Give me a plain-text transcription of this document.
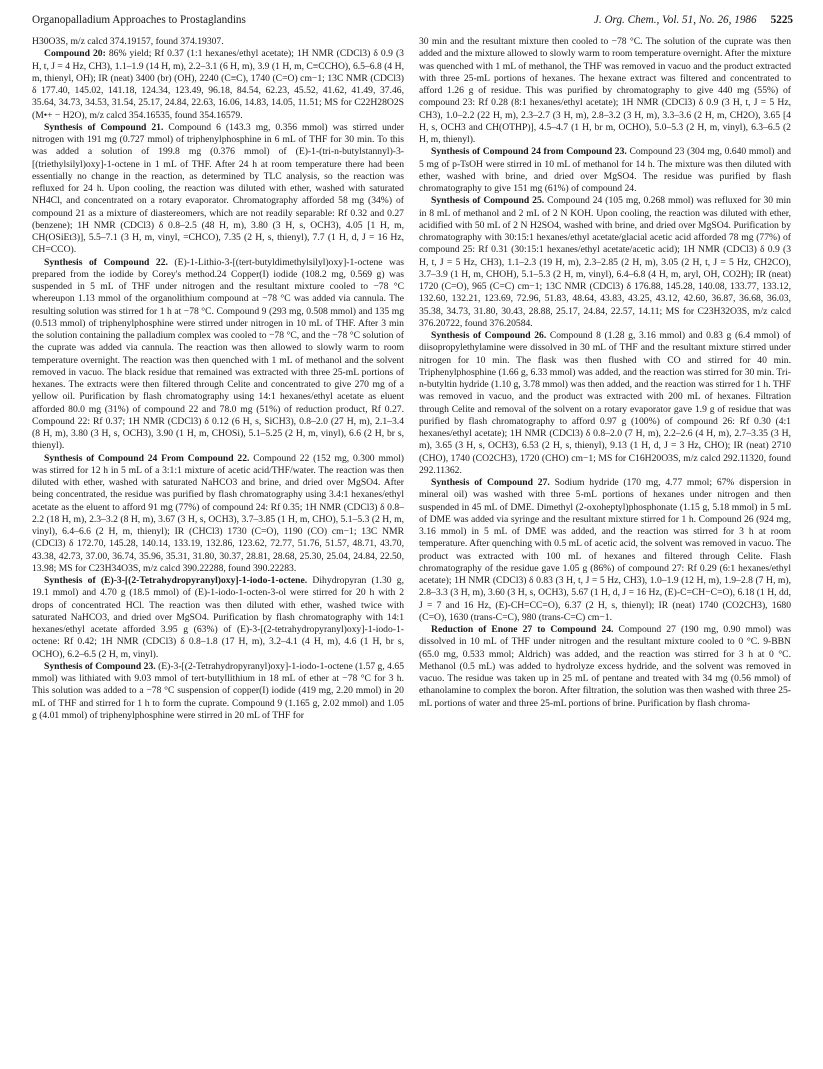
Organopalladium Approaches to Prostaglandins	J. Org. Chem., Vol. 51, No. 26, 1986 5225

H30O3S, m/z calcd 374.19157, found 374.19307.

Compound 20: 86% yield; Rf 0.37 (1:1 hexanes/ethyl acetate); 1H NMR (CDCl3) δ 0.9 (3 H, t, J = 4 Hz, CH3), 1.1–1.9 (14 H, m), 2.2–3.1 (6 H, m), 3.9 (1 H, m, C≡CCHO), 6.5–6.8 (4 H, m, thienyl, OH); IR (neat) 3400 (br) (OH), 2240 (C≡C), 1740 (C=O) cm−1; 13C NMR (CDCl3) δ 177.40, 145.02, 141.18, 124.34, 123.49, 96.18, 84.54, 62.23, 45.52, 41.62, 41.49, 37.46, 35.64, 34.73, 34.53, 31.54, 25.17, 24.84, 22.63, 16.06, 14.83, 14.05, 11.51; MS for C22H28O2S (M•+ − H2O), m/z calcd 354.16535, found 354.16579.

Synthesis of Compound 21. Compound 6 (143.3 mg, 0.356 mmol) was stirred under nitrogen with 191 mg (0.727 mmol) of triphenylphosphine in 6 mL of THF for 30 min. To this was added a solution of 199.8 mg (0.376 mmol) of (E)-1-(tri-n-butylstannyl)-3-[(triethylsilyl)oxy]-1-octene in 1 mL of THF. After 24 h at room temperature there had been essentially no change in the reaction, as determined by TLC analysis, so the reaction was refluxed for 24 h. Upon cooling, the reaction was diluted with ether, washed with saturated NH4Cl, and concentrated on a rotary evaporator. Chromatography afforded 58 mg (34%) of compound 21 as a mixture of diastereomers, which are not readily separable: Rf 0.32 and 0.27 (benzene); 1H NMR (CDCl3) δ 0.8–2.5 (48 H, m), 3.80 (3 H, s, OCH3), 4.05 [1 H, m, CH(OSiEt3)], 5.5–7.1 (3 H, m, vinyl, =CHCO), 7.35 (2 H, s, thienyl), 7.7 (1 H, d, J = 16 Hz, CH=CCO).

Synthesis of Compound 22. (E)-1-Lithio-3-[(tert-butyldimethylsilyl)oxy]-1-octene was prepared from the iodide by Corey's method.24 Copper(I) iodide (108.2 mg, 0.569 g) was suspended in 5 mL of THF under nitrogen and the resultant mixture cooled to −78 °C whereupon 1.13 mmol of the organolithium compound at −78 °C was added via cannula. The resulting solution was stirred for 1 h at −78 °C. Compound 9 (293 mg, 0.508 mmol) and 135 mg (0.513 mmol) of triphenylphosphine were stirred under nitrogen in 10 mL of THF. After 3 min the solution containing the palladium complex was cooled to −78 °C, and the −78 °C solution of the cuprate was added via cannula. The reaction was then allowed to slowly warm to room temperature overnight. The reaction was then quenched with 1 mL of methanol and the solvent removed in vacuo. The black residue that remained was extracted with three 25-mL portions of hexanes. The extracts were then filtered through Celite and concentrated to give 270 mg of a yellow oil. Purification by flash chromatography using 14:1 hexanes/ethyl acetate as eluent afforded 80.0 mg (31%) of compound 22 and 78.0 mg (51%) of reduction product, Rf 0.27. Compound 22: Rf 0.37; 1H NMR (CDCl3) δ 0.12 (6 H, s, SiCH3), 0.8–2.0 (27 H, m), 2.1–3.4 (8 H, m), 3.80 (3 H, s, OCH3), 3.90 (1 H, m, CHOSi), 5.1–5.25 (2 H, m, vinyl), 6.6 (2 H, br s, thienyl).

Synthesis of Compound 24 From Compound 22. Compound 22 (152 mg, 0.300 mmol) was stirred for 12 h in 5 mL of a 3:1:1 mixture of acetic acid/THF/water. The reaction was then diluted with ether, washed with saturated NaHCO3 and brine, and dried over MgSO4. After being concentrated, the residue was purified by flash chromatography using 3.4:1 hexanes/ethyl acetate as the eluent to afford 91 mg (77%) of compound 24: Rf 0.35; 1H NMR (CDCl3) δ 0.8–2.2 (18 H, m), 2.3–3.2 (8 H, m), 3.67 (3 H, s, OCH3), 3.7–3.85 (1 H, m, CHO), 5.1–5.3 (2 H, m, vinyl), 6.4–6.6 (2 H, m, thienyl); IR (CHCl3) 1730 (C=O), 1190 (CO) cm−1; 13C NMR (CDCl3) δ 172.70, 145.28, 140.14, 133.19, 132.86, 123.62, 72.77, 51.76, 51.57, 48.71, 43.70, 43.38, 42.73, 37.00, 36.74, 35.96, 35.31, 31.80, 30.37, 28.81, 28.68, 25.30, 25.04, 24.84, 22.50, 13.98; MS for C23H34O3S, m/z calcd 390.22288, found 390.22283.

Synthesis of (E)-3-[(2-Tetrahydropyranyl)oxy]-1-iodo-1-octene. Dihydropyran (1.30 g, 19.1 mmol) and 4.70 g (18.5 mmol) of (E)-1-iodo-1-octen-3-ol were stirred for 20 h with 2 drops of concentrated HCl. The reaction was then diluted with ether, washed twice with saturated NaHCO3, and dried over MgSO4. Purification by flash chromatography with 14:1 hexanes/ethyl acetate afforded 3.95 g (63%) of (E)-3-[(2-tetrahydropyranyl)oxy]-1-iodo-1-octene: Rf 0.42; 1H NMR (CDCl3) δ 0.8–1.8 (17 H, m), 3.2–4.1 (4 H, m), 4.6 (1 H, br s, OCHO), 6.2–6.5 (2 H, m, vinyl).

Synthesis of Compound 23. (E)-3-[(2-Tetrahydropyranyl)oxy]-1-iodo-1-octene (1.57 g, 4.65 mmol) was lithiated with 9.03 mmol of tert-butyllithium in 18 mL of ether at −78 °C for 3 h. This solution was added to a −78 °C suspension of copper(I) iodide (419 mg, 2.20 mmol) in 20 mL of THF and stirred for 1 h to form the cuprate. Compound 9 (1.165 g, 2.02 mmol) and 1.05 g (4.01 mmol) of triphenylphosphine were stirred in 20 mL of THF for

30 min and the resultant mixture then cooled to −78 °C. The solution of the cuprate was then added and the mixture allowed to slowly warm to room temperature overnight. After the mixture was quenched with 1 mL of methanol, the THF was removed in vacuo and the product extracted with three 25-mL portions of hexanes. The hexane extract was filtered and concentrated to afford 1.26 g of residue. This was purified by chromatography to give 440 mg (55%) of compound 23: Rf 0.28 (8:1 hexanes/ethyl acetate); 1H NMR (CDCl3) δ 0.9 (3 H, t, J = 5 Hz, CH3), 1.0–2.2 (22 H, m), 2.3–2.7 (3 H, m), 2.8–3.2 (3 H, m), 3.3–3.6 (2 H, m, CH2O), 3.65 [4 H, s, OCH3 and CH(OTHP)], 4.5–4.7 (1 H, br m, OCHO), 5.0–5.3 (2 H, m, vinyl), 6.3–6.5 (2 H, m, thienyl).

Synthesis of Compound 24 from Compound 23. Compound 23 (304 mg, 0.640 mmol) and 5 mg of p-TsOH were stirred in 10 mL of methanol for 14 h. The mixture was then diluted with ether, washed with brine, and dried over MgSO4. The residue was purified by flash chromatography to give 151 mg (61%) of compound 24.

Synthesis of Compound 25. Compound 24 (105 mg, 0.268 mmol) was refluxed for 30 min in 8 mL of methanol and 2 mL of 2 N KOH. Upon cooling, the reaction was diluted with ether, acidified with 50 mL of 2 N H2SO4, washed with brine, and dried over MgSO4. Purification by chromatography with 30:15:1 hexanes/ethyl acetate/glacial acetic acid afforded 78 mg (77%) of compound 25: Rf 0.31 (30:15:1 hexanes/ethyl acetate/acetic acid); 1H NMR (CDCl3) δ 0.9 (3 H, t, J = 5 Hz, CH3), 1.1–2.3 (19 H, m), 2.3–2.85 (2 H, m), 3.05 (2 H, t, J = 5 Hz, CH2CO), 3.7–3.9 (1 H, m, CHOH), 5.1–5.3 (2 H, m, vinyl), 6.4–6.8 (4 H, m, aryl, OH, CO2H); IR (neat) 1720 (C=O), 965 (C=C) cm−1; 13C NMR (CDCl3) δ 176.88, 145.28, 140.08, 133.77, 133.12, 132.60, 132.21, 123.69, 72.96, 51.83, 48.64, 43.83, 43.25, 43.12, 42.60, 36.87, 36.68, 36.03, 35.38, 34.73, 31.80, 30.43, 28.88, 25.17, 24.84, 22.57, 14.11; MS for C23H32O3S, m/z calcd 376.20722, found 376.20584.

Synthesis of Compound 26. Compound 8 (1.28 g, 3.16 mmol) and 0.83 g (6.4 mmol) of diisopropylethylamine were dissolved in 30 mL of THF and the resultant mixture stirred under nitrogen for 10 min. The flask was then flushed with CO and stirred for 40 min. Triphenylphosphine (1.66 g, 6.33 mmol) was added, and the reaction was stirred for 30 min. Tri-n-butyltin hydride (1.10 g, 3.78 mmol) was then added, and the reaction was stirred for 1 h. THF was removed in vacuo, and the product was extracted with 200 mL of hexanes. Filtration through Celite and removal of the solvent on a rotary evaporator gave 1.9 g of residue that was purified by flash chromatography to afford 0.97 g (100%) of compound 26: Rf 0.30 (4:1 hexanes/ethyl acetate); 1H NMR (CDCl3) δ 0.8–2.0 (7 H, m), 2.2–2.6 (4 H, m), 2.7–3.35 (3 H, m), 3.65 (3 H, s, OCH3), 6.53 (2 H, s, thienyl), 9.13 (1 H, d, J = 3 Hz, CHO); IR (neat) 2710 (CHO), 1740 (CO2CH3), 1720 (CHO) cm−1; MS for C16H20O3S, m/z calcd 292.11320, found 292.11362.

Synthesis of Compound 27. Sodium hydride (170 mg, 4.77 mmol; 67% dispersion in mineral oil) was washed with three 5-mL portions of hexanes under nitrogen and then suspended in 45 mL of DME. Dimethyl (2-oxoheptyl)phosphonate (1.15 g, 5.18 mmol) in 5 mL of DME was added via syringe and the resultant mixture stirred for 1 h. Compound 26 (924 mg, 3.16 mmol) in 5 mL of DME was added, and the reaction was stirred for 3 h at room temperature. After quenching with 0.5 mL of acetic acid, the solvent was removed in vacuo. The product was extracted with 100 mL of hexanes and filtered through Celite. Flash chromatography of the residue gave 1.05 g (86%) of compound 27: Rf 0.29 (6:1 hexanes/ethyl acetate); 1H NMR (CDCl3) δ 0.83 (3 H, t, J = 5 Hz, CH3), 1.0–1.9 (12 H, m), 1.9–2.8 (7 H, m), 2.8–3.3 (3 H, m), 3.60 (3 H, s, OCH3), 5.67 (1 H, d, J = 16 Hz, (E)-C=CH−C=O), 6.18 (1 H, dd, J = 7 and 16 Hz, (E)-CH=CC=O), 6.37 (2 H, s, thienyl); IR (neat) 1740 (CO2CH3), 1680 (C=O), 1630 (trans-C=C), 980 (trans-C=C) cm−1.

Reduction of Enone 27 to Compound 24. Compound 27 (190 mg, 0.90 mmol) was dissolved in 10 mL of THF under nitrogen and the resultant mixture cooled to 0 °C. 9-BBN (65.0 mg, 0.533 mmol; Aldrich) was added, and the reaction was stirred for 3 h at 0 °C. Methanol (0.5 mL) was added to hydrolyze excess hydride, and the solvent was removed in vacuo. The residue was taken up in 25 mL of pentane and treated with 34 mg (0.56 mmol) of ethanolamine to complex the boron. After filtration, the solution was then washed with three 25-mL portions of water and three 25-mL portions of brine. Purification by flash chroma-
